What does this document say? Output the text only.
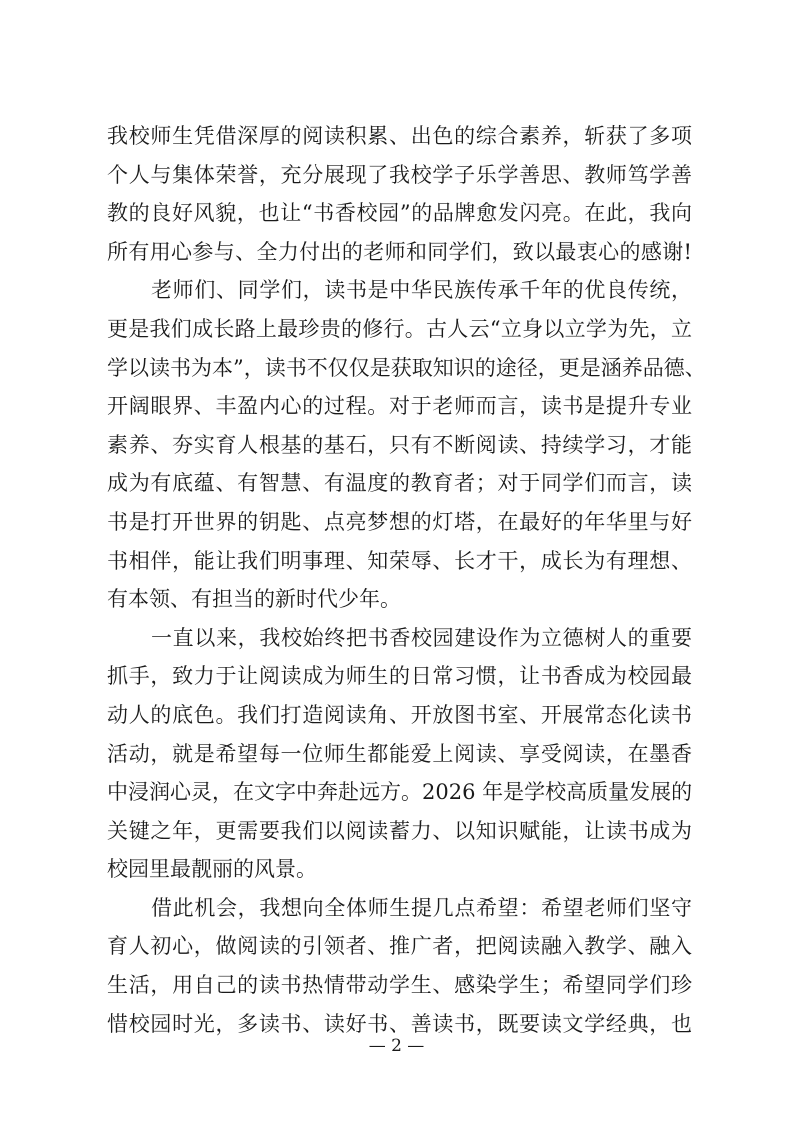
我校师生凭借深厚的阅读积累、出色的综合素养，斩获了多项
个人与集体荣誉，充分展现了我校学子乐学善思、教师笃学善
教的良好风貌，也让“书香校园”的品牌愈发闪亮。在此，我向
所有用心参与、全力付出的老师和同学们，致以最衷心的感谢!
老师们、同学们，读书是中华民族传承千年的优良传统，
更是我们成长路上最珍贵的修行。古人云“立身以立学为先，立
学以读书为本”，读书不仅仅是获取知识的途径，更是涵养品德、
开阔眼界、丰盈内心的过程。对于老师而言，读书是提升专业
素养、夯实育人根基的基石，只有不断阅读、持续学习，才能
成为有底蕴、有智慧、有温度的教育者；对于同学们而言，读
书是打开世界的钥匙、点亮梦想的灯塔，在最好的年华里与好
书相伴，能让我们明事理、知荣辱、长才干，成长为有理想、
有本领、有担当的新时代少年。
一直以来，我校始终把书香校园建设作为立德树人的重要
抓手，致力于让阅读成为师生的日常习惯，让书香成为校园最
动人的底色。我们打造阅读角、开放图书室、开展常态化读书
活动，就是希望每一位师生都能爱上阅读、享受阅读，在墨香
中浸润心灵，在文字中奔赴远方。2026 年是学校高质量发展的
关键之年，更需要我们以阅读蓄力、以知识赋能，让读书成为
校园里最靓丽的风景。
借此机会，我想向全体师生提几点希望：希望老师们坚守
育人初心，做阅读的引领者、推广者，把阅读融入教学、融入
生活，用自己的读书热情带动学生、感染学生；希望同学们珍
惜校园时光，多读书、读好书、善读书，既要读文学经典，也
— 2 —
